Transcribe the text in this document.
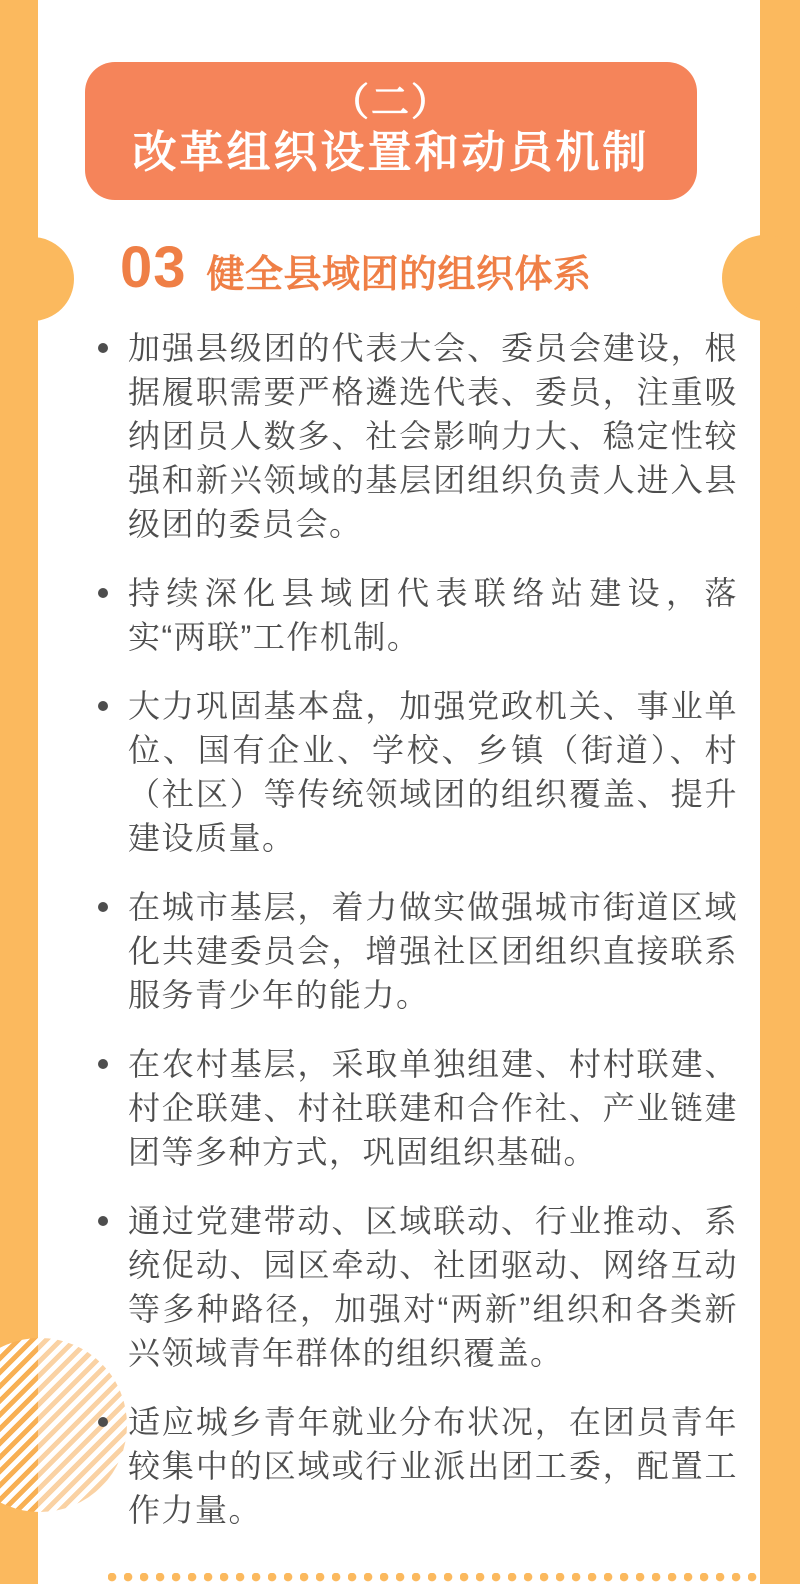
（二）
改革组织设置和动员机制
03 健全县域团的组织体系
加强县级团的代表大会、委员会建设，根据履职需要严格遴选代表、委员，注重吸纳团员人数多、社会影响力大、稳定性较强和新兴领域的基层团组织负责人进入县级团的委员会。
持续深化县域团代表联络站建设，落实“两联”工作机制。
大力巩固基本盘，加强党政机关、事业单位、国有企业、学校、乡镇（街道）、村（社区）等传统领域团的组织覆盖、提升建设质量。
在城市基层，着力做实做强城市街道区域化共建委员会，增强社区团组织直接联系服务青少年的能力。
在农村基层，采取单独组建、村村联建、村企联建、村社联建和合作社、产业链建团等多种方式，巩固组织基础。
通过党建带动、区域联动、行业推动、系统促动、园区牵动、社团驱动、网络互动等多种路径，加强对“两新”组织和各类新兴领域青年群体的组织覆盖。
适应城乡青年就业分布状况，在团员青年较集中的区域或行业派出团工委，配置工作力量。
